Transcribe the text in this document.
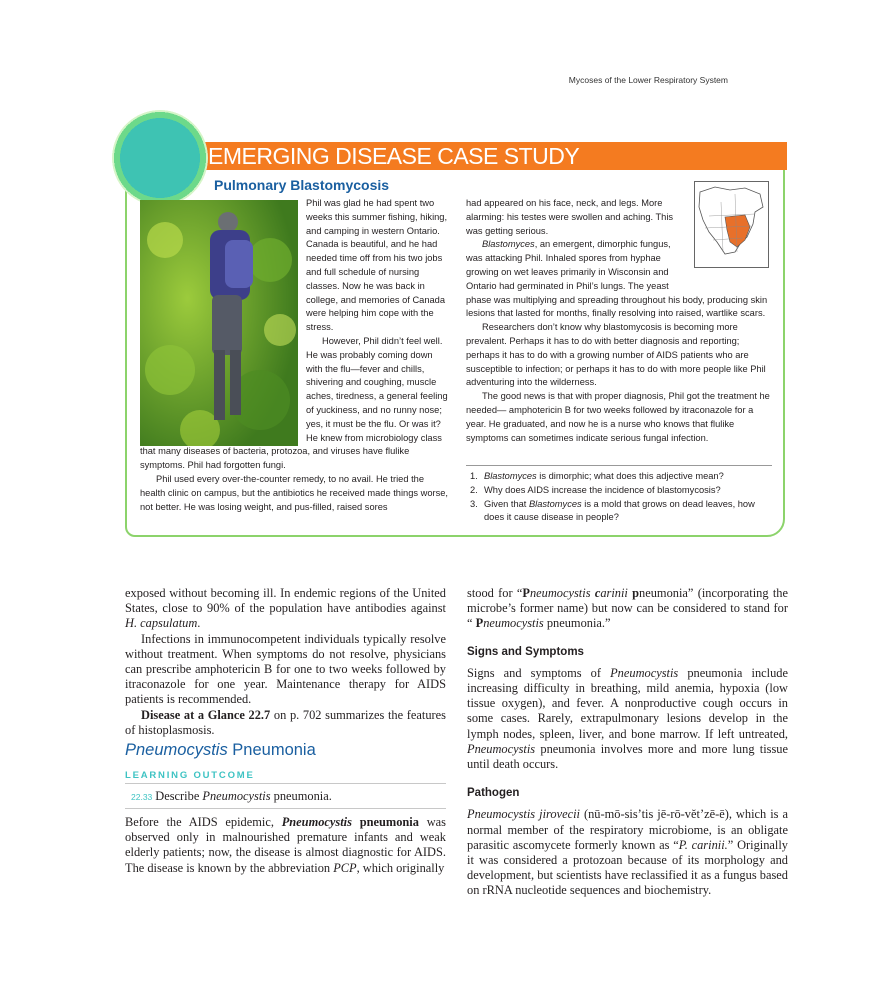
Mycoses of the Lower Respiratory System
EMERGING DISEASE CASE STUDY
Pulmonary Blastomycosis

Phil was glad he had spent two weeks this summer fishing, hiking, and camping in western Ontario. Canada is beautiful, and he had needed time off from his two jobs and full schedule of nursing classes. Now he was back in college, and memories of Canada were helping him cope with the stress.

However, Phil didn’t feel well. He was probably coming down with the flu—fever and chills, shivering and coughing, muscle aches, tiredness, a general feeling of yuckiness, and no runny nose; yes, it must be the flu. Or was it? He knew from microbiology class that many diseases of bacteria, protozoa, and viruses have flulike symptoms. Phil had forgotten fungi.

Phil used every over-the-counter remedy, to no avail. He tried the health clinic on campus, but the antibiotics he received made things worse, not better. He was losing weight, and pus-filled, raised sores

had appeared on his face, neck, and legs. More alarming: his testes were swollen and aching. This was getting serious.

Blastomyces, an emergent, dimorphic fungus, was attacking Phil. Inhaled spores from hyphae growing on wet leaves primarily in Wisconsin and Ontario had germinated in Phil’s lungs. The yeast phase was multiplying and spreading throughout his body, producing skin lesions that lasted for months, finally resolving into raised, wartlike scars.

Researchers don’t know why blastomycosis is becoming more prevalent. Perhaps it has to do with better diagnosis and reporting; perhaps it has to do with a growing number of AIDS patients who are susceptible to infection; or perhaps it has to do with more people like Phil adventuring into the wilderness.

The good news is that with proper diagnosis, Phil got the treatment he needed— amphotericin B for two weeks followed by itraconazole for a year. He graduated, and now he is a nurse who knows that flulike symptoms can sometimes indicate serious fungal infection.

1. Blastomyces is dimorphic; what does this adjective mean?
2. Why does AIDS increase the incidence of blastomycosis?
3. Given that Blastomyces is a mold that grows on dead leaves, how does it cause disease in people?

exposed without becoming ill. In endemic regions of the United States, close to 90% of the population have antibodies against H. capsulatum.

Infections in immunocompetent individuals typically resolve without treatment. When symptoms do not resolve, physicians can prescribe amphotericin B for one to two weeks followed by itraconazole for one year. Maintenance therapy for AIDS patients is recommended.

Disease at a Glance 22.7 on p. 702 summarizes the features of histoplasmosis.

Pneumocystis Pneumonia
LEARNING OUTCOME
22.33 Describe Pneumocystis pneumonia.

Before the AIDS epidemic, Pneumocystis pneumonia was observed only in malnourished premature infants and weak elderly patients; now, the disease is almost diagnostic for AIDS. The disease is known by the abbreviation PCP, which originally

stood for “Pneumocystis carinii pneumonia” (incorporating the microbe’s former name) but now can be considered to stand for “ Pneumocystis pneumonia.”

Signs and Symptoms

Signs and symptoms of Pneumocystis pneumonia include increasing difficulty in breathing, mild anemia, hypoxia (low tissue oxygen), and fever. A nonproductive cough occurs in some cases. Rarely, extrapulmonary lesions develop in the lymph nodes, spleen, liver, and bone marrow. If left untreated, Pneumocystis pneumonia involves more and more lung tissue until death occurs.

Pathogen

Pneumocystis jirovecii (nū-mō-sis’tis jē-rō-vĕt’zē-ē), which is a normal member of the respiratory microbiome, is an obligate parasitic ascomycete formerly known as “P. carinii.” Originally it was considered a protozoan because of its morphology and development, but scientists have reclassified it as a fungus based on rRNA nucleotide sequences and biochemistry.
